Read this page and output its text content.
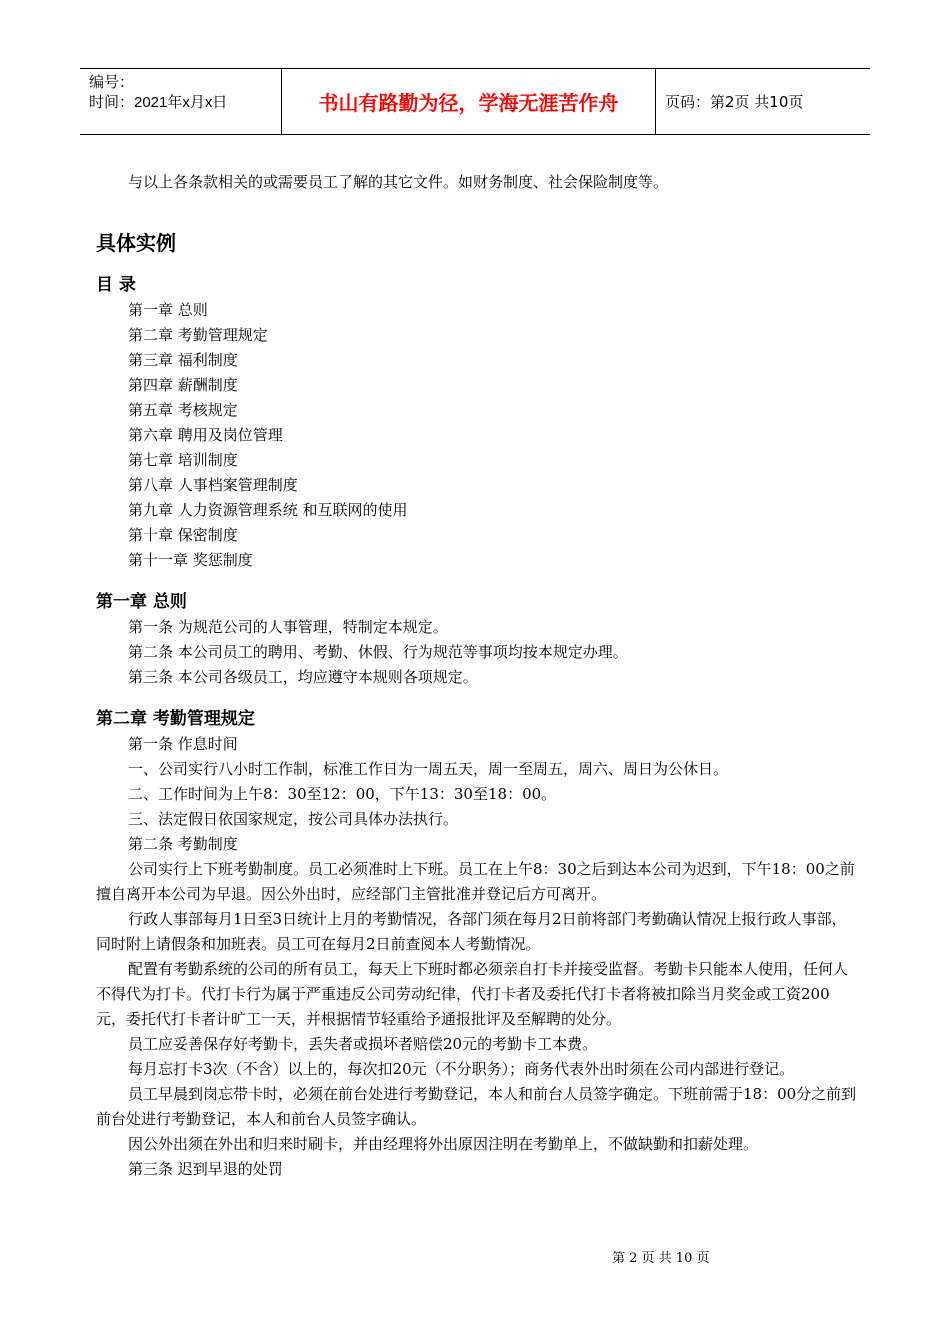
编号：
时间：2021年x月x日	书山有路勤为径，学海无涯苦作舟	页码：第2页 共10页

与以上各条款相关的或需要员工了解的其它文件。如财务制度、社会保险制度等。

具体实例

目 录

第一章 总则
第二章 考勤管理规定
第三章 福利制度
第四章 薪酬制度
第五章 考核规定
第六章 聘用及岗位管理
第七章 培训制度
第八章 人事档案管理制度
第九章 人力资源管理系统 和互联网的使用
第十章 保密制度
第十一章 奖惩制度

第一章 总则

第一条 为规范公司的人事管理，特制定本规定。

第二条 本公司员工的聘用、考勤、休假、行为规范等事项均按本规定办理。

第三条 本公司各级员工，均应遵守本规则各项规定。

第二章 考勤管理规定

第一条 作息时间

一、公司实行八小时工作制，标准工作日为一周五天，周一至周五，周六、周日为公休日。

二、工作时间为上午8：30至12：00，下午13：30至18：00。

三、法定假日依国家规定，按公司具体办法执行。

第二条 考勤制度

公司实行上下班考勤制度。员工必须准时上下班。员工在上午8：30之后到达本公司为迟到，下午18：00之前擅自离开本公司为早退。因公外出时，应经部门主管批准并登记后方可离开。

行政人事部每月1日至3日统计上月的考勤情况，各部门须在每月2日前将部门考勤确认情况上报行政人事部，同时附上请假条和加班表。员工可在每月2日前查阅本人考勤情况。

配置有考勤系统的公司的所有员工，每天上下班时都必须亲自打卡并接受监督。考勤卡只能本人使用，任何人不得代为打卡。代打卡行为属于严重违反公司劳动纪律，代打卡者及委托代打卡者将被扣除当月奖金或工资200元，委托代打卡者计旷工一天，并根据情节轻重给予通报批评及至解聘的处分。

员工应妥善保存好考勤卡，丢失者或损坏者赔偿20元的考勤卡工本费。

每月忘打卡3次（不含）以上的，每次扣20元（不分职务）；商务代表外出时须在公司内部进行登记。

员工早晨到岗忘带卡时，必须在前台处进行考勤登记，本人和前台人员签字确定。下班前需于18：00分之前到前台处进行考勤登记，本人和前台人员签字确认。

因公外出须在外出和归来时刷卡，并由经理将外出原因注明在考勤单上，不做缺勤和扣薪处理。

第三条 迟到早退的处罚

第 2 页 共 10 页
